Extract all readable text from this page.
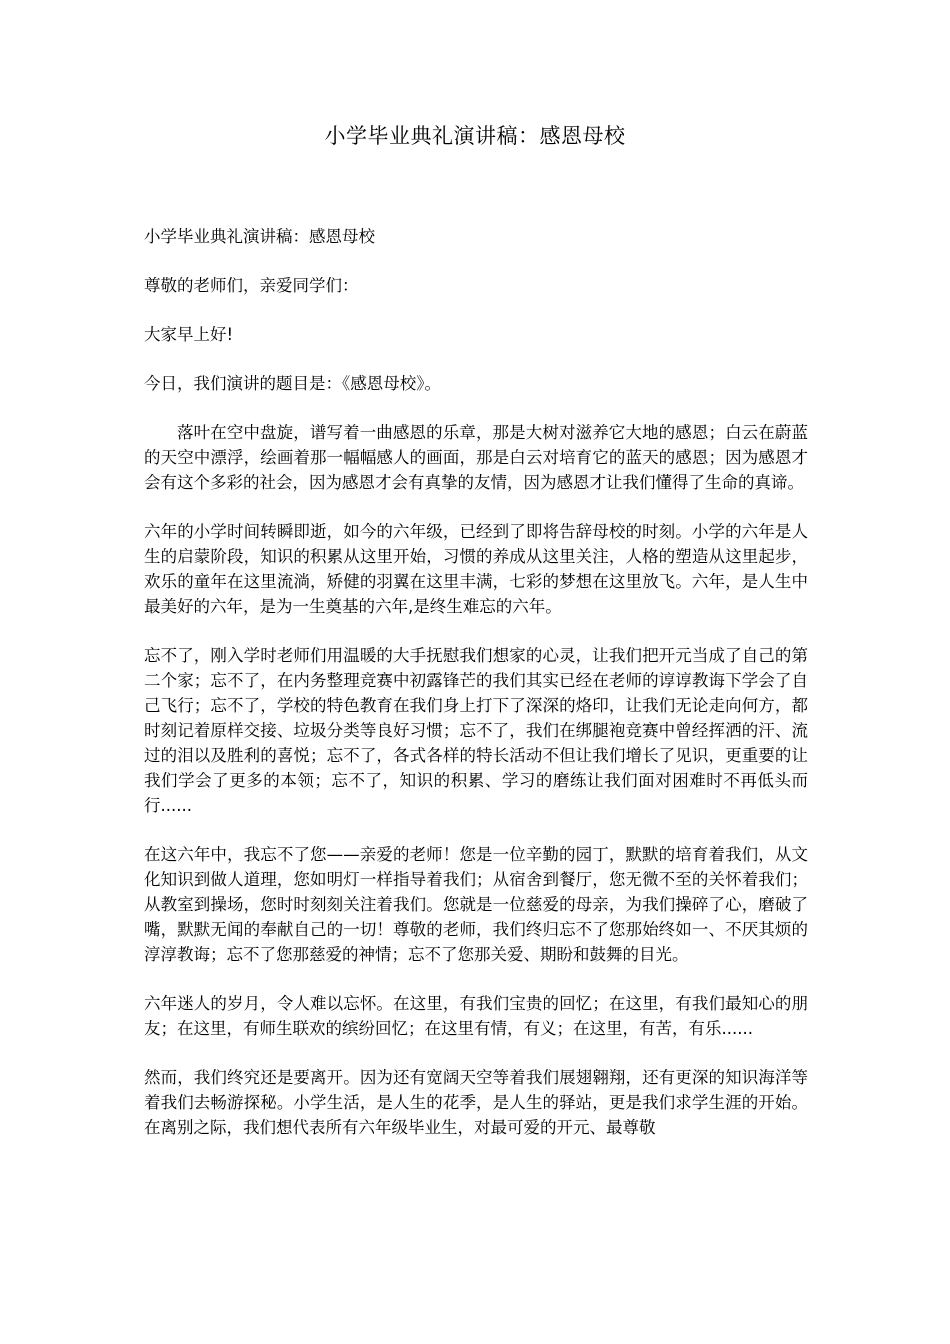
小学毕业典礼演讲稿：感恩母校

小学毕业典礼演讲稿：感恩母校

尊敬的老师们，亲爱同学们：

大家早上好!

今日，我们演讲的题目是：《感恩母校》。

落叶在空中盘旋，谱写着一曲感恩的乐章，那是大树对滋养它大地的感恩；白云在蔚蓝的天空中漂浮，绘画着那一幅幅感人的画面，那是白云对培育它的蓝天的感恩；因为感恩才会有这个多彩的社会，因为感恩才会有真挚的友情，因为感恩才让我们懂得了生命的真谛。

六年的小学时间转瞬即逝，如今的六年级，已经到了即将告辞母校的时刻。小学的六年是人生的启蒙阶段，知识的积累从这里开始，习惯的养成从这里关注，人格的塑造从这里起步，欢乐的童年在这里流淌，矫健的羽翼在这里丰满，七彩的梦想在这里放飞。六年，是人生中最美好的六年，是为一生奠基的六年,是终生难忘的六年。

忘不了，刚入学时老师们用温暖的大手抚慰我们想家的心灵，让我们把开元当成了自己的第二个家；忘不了，在内务整理竞赛中初露锋芒的我们其实已经在老师的谆谆教诲下学会了自己飞行；忘不了，学校的特色教育在我们身上打下了深深的烙印，让我们无论走向何方，都时刻记着原样交接、垃圾分类等良好习惯；忘不了，我们在绑腿袍竞赛中曾经挥洒的汗、流过的泪以及胜利的喜悦；忘不了，各式各样的特长活动不但让我们增长了见识，更重要的让我们学会了更多的本领；忘不了，知识的积累、学习的磨练让我们面对困难时不再低头而行......

在这六年中，我忘不了您——亲爱的老师！您是一位辛勤的园丁，默默的培育着我们，从文化知识到做人道理，您如明灯一样指导着我们；从宿舍到餐厅，您无微不至的关怀着我们；从教室到操场，您时时刻刻关注着我们。您就是一位慈爱的母亲，为我们操碎了心，磨破了嘴，默默无闻的奉献自己的一切！尊敬的老师，我们终归忘不了您那始终如一、不厌其烦的淳淳教诲；忘不了您那慈爱的神情；忘不了您那关爱、期盼和鼓舞的目光。

六年迷人的岁月，令人难以忘怀。在这里，有我们宝贵的回忆；在这里，有我们最知心的朋友；在这里，有师生联欢的缤纷回忆；在这里有情，有义；在这里，有苦，有乐......

然而，我们终究还是要离开。因为还有宽阔天空等着我们展翅翱翔，还有更深的知识海洋等着我们去畅游探秘。小学生活，是人生的花季，是人生的驿站，更是我们求学生涯的开始。在离别之际，我们想代表所有六年级毕业生，对最可爱的开元、最尊敬
